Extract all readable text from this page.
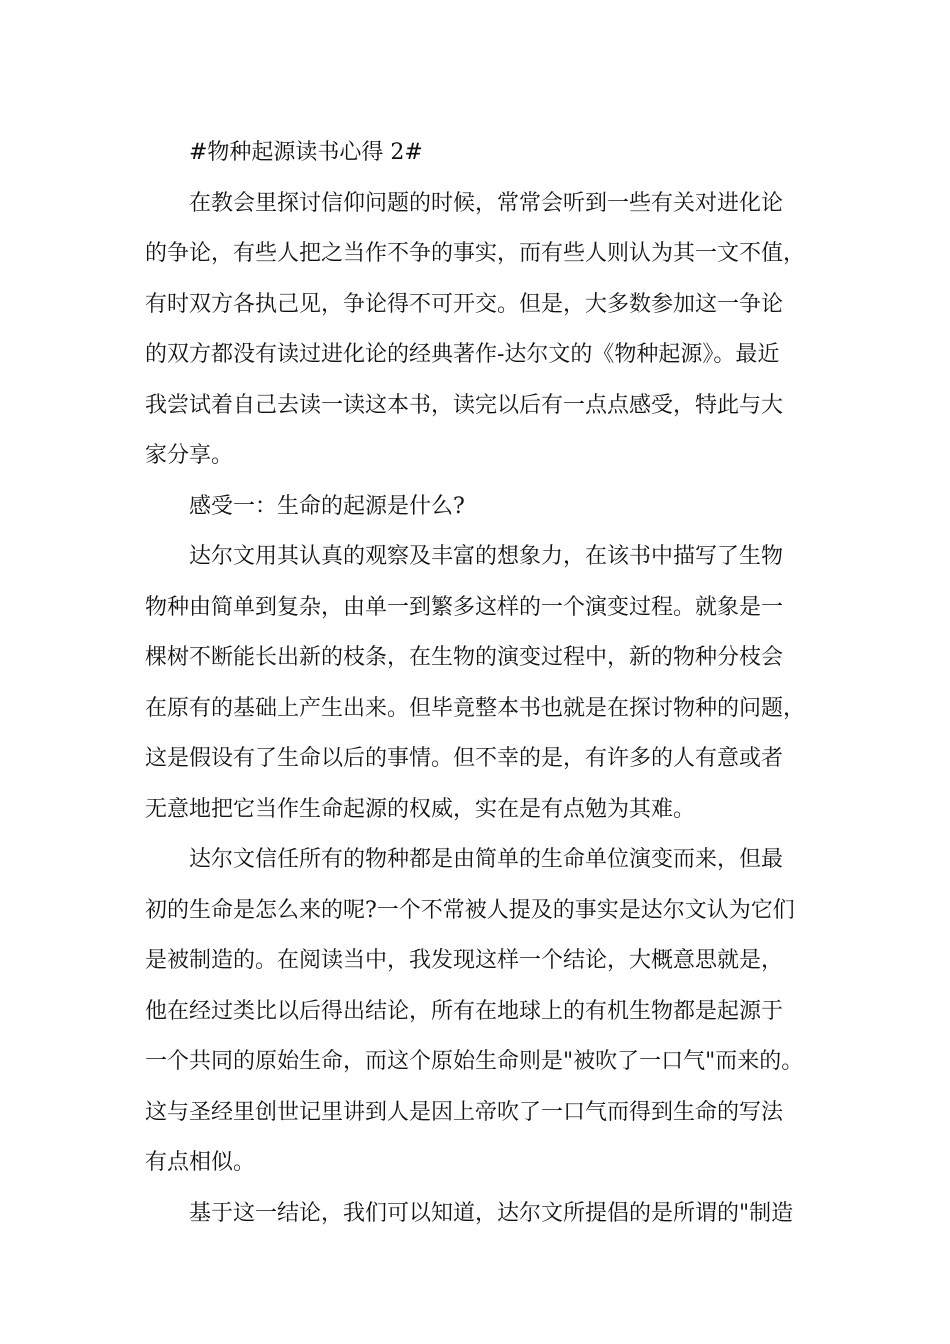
#物种起源读书心得 2#

在教会里探讨信仰问题的时候，常常会听到一些有关对进化论
的争论，有些人把之当作不争的事实，而有些人则认为其一文不值，
有时双方各执己见，争论得不可开交。但是，大多数参加这一争论
的双方都没有读过进化论的经典著作-达尔文的《物种起源》。最近
我尝试着自己去读一读这本书，读完以后有一点点感受，特此与大
家分享。

感受一：生命的起源是什么?

达尔文用其认真的观察及丰富的想象力，在该书中描写了生物
物种由简单到复杂，由单一到繁多这样的一个演变过程。就象是一
棵树不断能长出新的枝条，在生物的演变过程中，新的物种分枝会
在原有的基础上产生出来。但毕竟整本书也就是在探讨物种的问题，
这是假设有了生命以后的事情。但不幸的是，有许多的人有意或者
无意地把它当作生命起源的权威，实在是有点勉为其难。

达尔文信任所有的物种都是由简单的生命单位演变而来，但最
初的生命是怎么来的呢?一个不常被人提及的事实是达尔文认为它们
是被制造的。在阅读当中，我发现这样一个结论，大概意思就是，
他在经过类比以后得出结论，所有在地球上的有机生物都是起源于
一个共同的原始生命，而这个原始生命则是"被吹了一口气"而来的。
这与圣经里创世记里讲到人是因上帝吹了一口气而得到生命的写法
有点相似。

基于这一结论，我们可以知道，达尔文所提倡的是所谓的"制造
